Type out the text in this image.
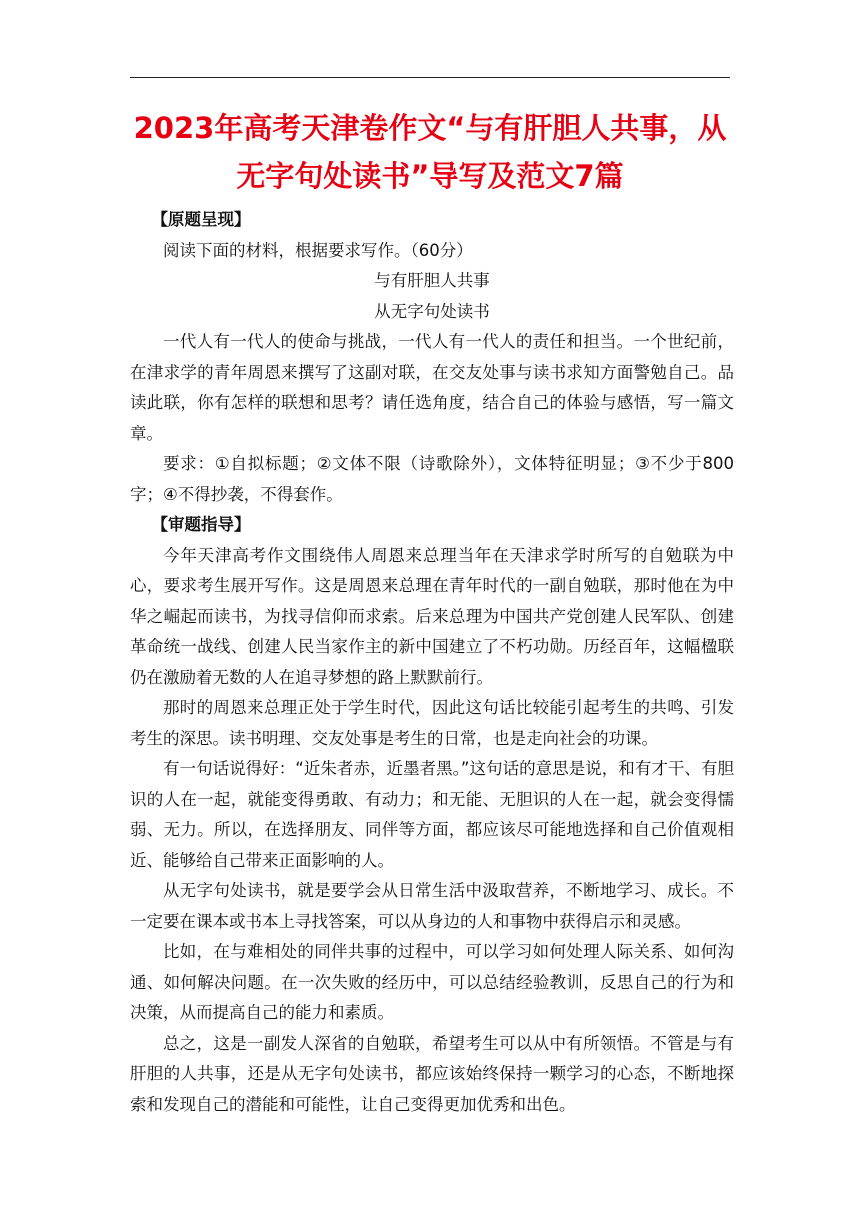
2023年高考天津卷作文“与有肝胆人共事，从无字句处读书”导写及范文7篇

【原题呈现】

阅读下面的材料，根据要求写作。（60分）

与有肝胆人共事

从无字句处读书

一代人有一代人的使命与挑战，一代人有一代人的责任和担当。一个世纪前，在津求学的青年周恩来撰写了这副对联，在交友处事与读书求知方面警勉自己。品读此联，你有怎样的联想和思考？请任选角度，结合自己的体验与感悟，写一篇文章。

要求：①自拟标题；②文体不限（诗歌除外），文体特征明显；③不少于800字；④不得抄袭，不得套作。

【审题指导】

今年天津高考作文围绕伟人周恩来总理当年在天津求学时所写的自勉联为中心，要求考生展开写作。这是周恩来总理在青年时代的一副自勉联，那时他在为中华之崛起而读书，为找寻信仰而求索。后来总理为中国共产党创建人民军队、创建革命统一战线、创建人民当家作主的新中国建立了不朽功勋。历经百年，这幅楹联仍在激励着无数的人在追寻梦想的路上默默前行。

那时的周恩来总理正处于学生时代，因此这句话比较能引起考生的共鸣、引发考生的深思。读书明理、交友处事是考生的日常，也是走向社会的功课。

有一句话说得好：“近朱者赤，近墨者黑。”这句话的意思是说，和有才干、有胆识的人在一起，就能变得勇敢、有动力；和无能、无胆识的人在一起，就会变得懦弱、无力。所以，在选择朋友、同伴等方面，都应该尽可能地选择和自己价值观相近、能够给自己带来正面影响的人。

从无字句处读书，就是要学会从日常生活中汲取营养，不断地学习、成长。不一定要在课本或书本上寻找答案，可以从身边的人和事物中获得启示和灵感。

比如，在与难相处的同伴共事的过程中，可以学习如何处理人际关系、如何沟通、如何解决问题。在一次失败的经历中，可以总结经验教训，反思自己的行为和决策，从而提高自己的能力和素质。

总之，这是一副发人深省的自勉联，希望考生可以从中有所领悟。不管是与有肝胆的人共事，还是从无字句处读书，都应该始终保持一颗学习的心态，不断地探索和发现自己的潜能和可能性，让自己变得更加优秀和出色。
